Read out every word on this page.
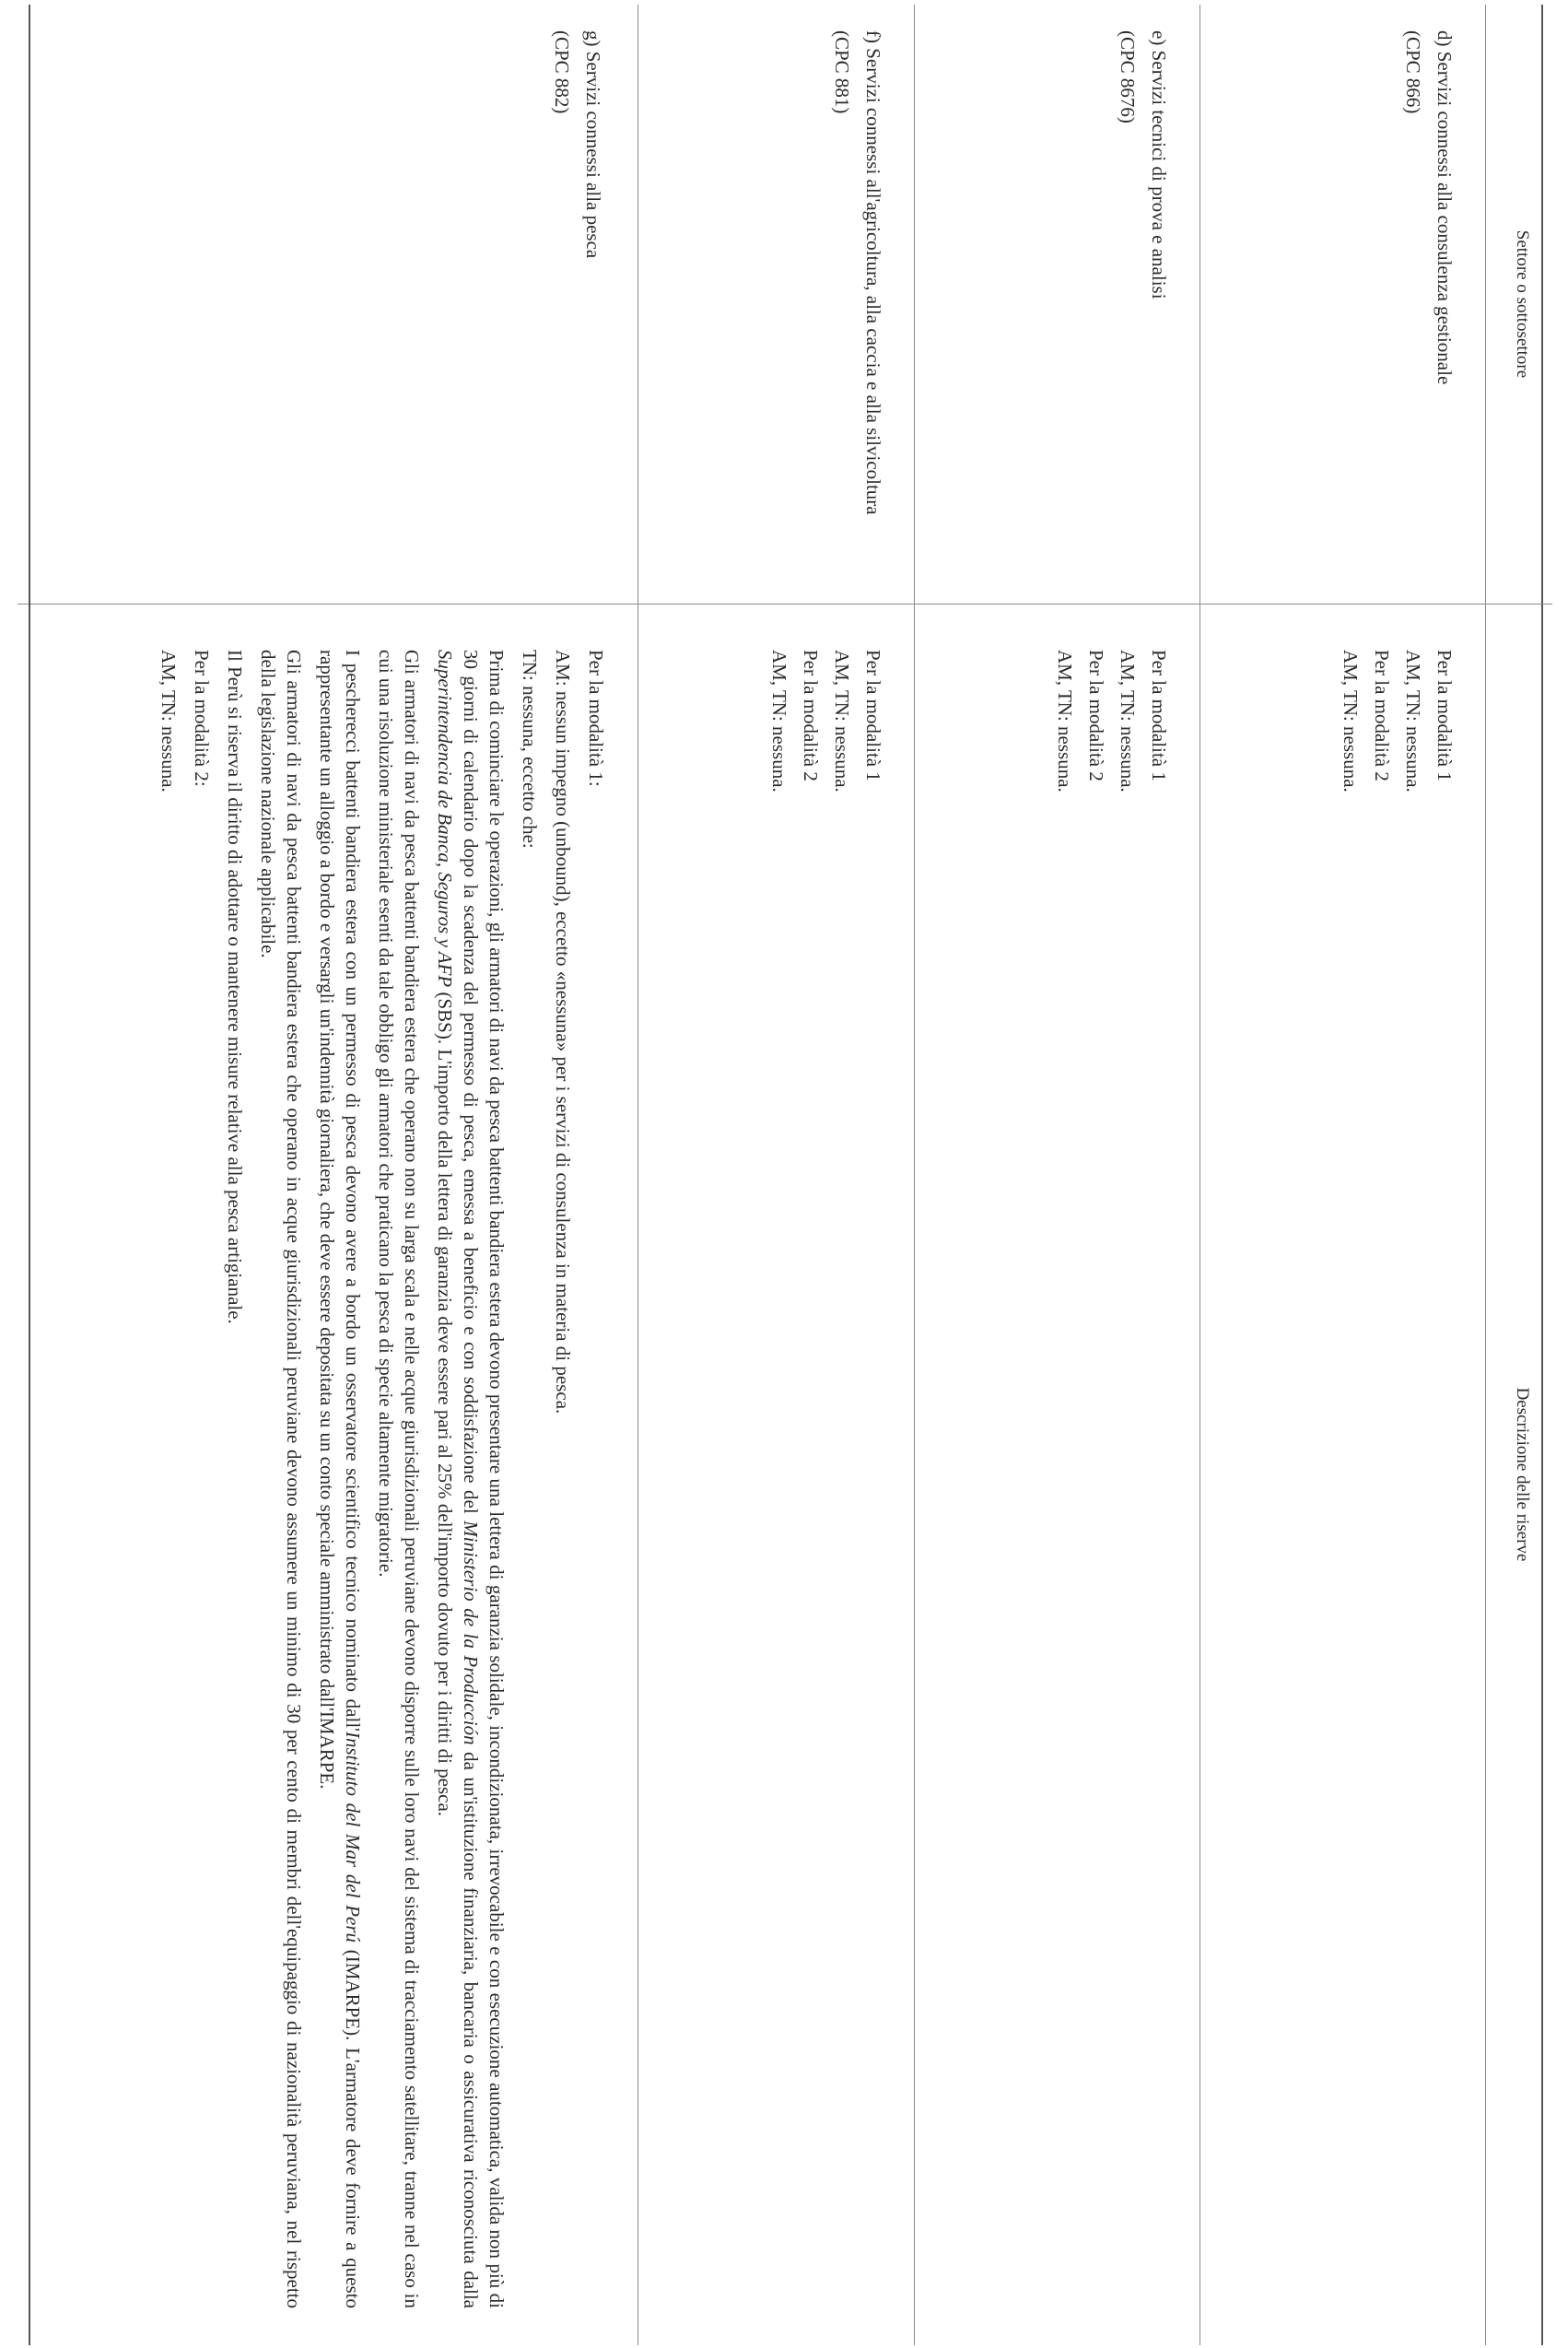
Settore o sottosettore
Descrizione delle riserve
d) Servizi connessi alla consulenza gestionale
(CPC 866)
Per la modalità 1
AM, TN: nessuna.
Per la modalità 2
AM, TN: nessuna.
e) Servizi tecnici di prova e analisi
(CPC 8676)
Per la modalità 1
AM, TN: nessuna.
Per la modalità 2
AM, TN: nessuna.
f) Servizi connessi all'agricoltura, alla caccia e alla silvicoltura
(CPC 881)
Per la modalità 1
AM, TN: nessuna.
Per la modalità 2
AM, TN: nessuna.
g) Servizi connessi alla pesca
(CPC 882)
Per la modalità 1:
AM: nessun impegno (unbound), eccetto «nessuna» per i servizi di consulenza in materia di pesca.
TN: nessuna, eccetto che:
Prima di cominciare le operazioni, gli armatori di navi da pesca battenti bandiera estera devono presentare una lettera di garanzia solidale, incondizionata, irrevocabile e con esecuzione automatica, valida non più di 30 giorni di calendario dopo la scadenza del permesso di pesca, emessa a beneficio e con soddisfazione del Ministerio de la Producción da un'istituzione finanziaria, bancaria o assicurativa riconosciuta dalla Superintendencia de Banca, Seguros y AFP (SBS). L'importo della lettera di garanzia deve essere pari al 25% dell'importo dovuto per i diritti di pesca.
Gli armatori di navi da pesca battenti bandiera estera che operano non su larga scala e nelle acque giurisdizionali peruviane devono disporre sulle loro navi del sistema di tracciamento satellitare, tranne nel caso in cui una risoluzione ministeriale esenti da tale obbligo gli armatori che praticano la pesca di specie altamente migratorie.
I pescherecci battenti bandiera estera con un permesso di pesca devono avere a bordo un osservatore scientifico tecnico nominato dall'Instituto del Mar del Perú (IMARPE). L'armatore deve fornire a questo rappresentante un alloggio a bordo e versargli un'indennità giornaliera, che deve essere depositata su un conto speciale amministrato dall'IMARPE.
Gli armatori di navi da pesca battenti bandiera estera che operano in acque giurisdizionali peruviane devono assumere un minimo di 30 per cento di membri dell'equipaggio di nazionalità peruviana, nel rispetto della legislazione nazionale applicabile.
Il Perù si riserva il diritto di adottare o mantenere misure relative alla pesca artigianale.
Per la modalità 2:
AM, TN: nessuna.
